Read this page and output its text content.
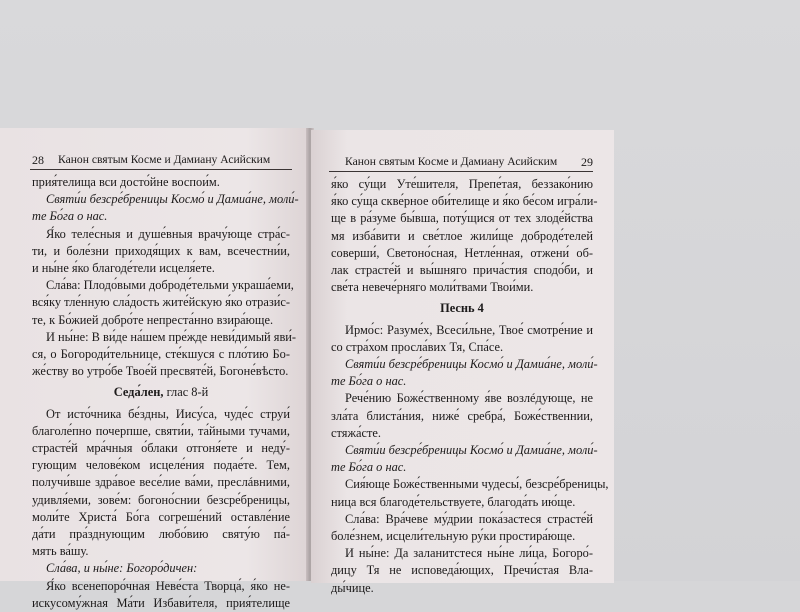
28 Канон святым Косме и Дамиану Асийским
прия́телища вси досто́йне воспои́м.
Святи́и безсре́бреницы Космо́ и Дамиа́не, моли́-
те Бо́га о нас.
Я́ко теле́сныя и душе́вныя врачу́юще стра́с-
ти, и боле́зни приходя́щих к вам, всечестни́и,
и ны́не я́ко благоде́тели исцеля́ете.
Сла́ва: Плодо́выми доброде́тельми украша́еми,
вся́ку тле́нную сла́дость жите́йскую я́ко отрази́с-
те, к Бо́жией добро́те непреста́нно взира́юще.
И ны́не: В ви́де на́шем пре́жде неви́димый яви́-
ся, о Богороди́тельнице, сте́кшуся с пло́тию Бо-
же́ству во утро́бе Твое́й пресвяте́й, Богоне́вѣсто.
Седа́лен, глас 8-й
От исто́чника бе́здны, Иису́са, чуде́с струи́
благоле́пно почерпше, святи́и, та́йными тучами,
страсте́й мра́чныя о́блаки отгоня́ете и неду́-
гующим челове́ком исцеле́ния подае́те. Тем,
получи́вше здра́вое весе́лие ва́ми, преслáвними,
удивля́еми, зове́м: богоно́снии безсре́бреницы,
моли́те Христа́ Бо́га согреше́ний оставле́ние
да́ти пра́зднующим любо́вию святу́ю па́-
мять ва́шу.
Сла́ва, и ны́не: Богоро́дичен:
Я́ко всенепоро́чная Неве́ста Творца́, я́ко не-
искусому́жная Ма́ти Избави́теля, прия́телище
Канон святым Косме и Дамиану Асийским 29
я́ко су́щи Уте́шителя, Препе́тая, беззако́нию
я́ко су́ща скве́рное оби́телище и я́ко бе́сом игра́ли-
ще в ра́зуме бы́вша, поту́щися от тех злоде́йства
мя изба́вити и све́тлое жили́ще доброде́телей
соверши́, Светоно́сная, Нетле́нная, отжени́ об-
лак страсте́й и вы́шняго прича́стия сподо́би, и
све́та невече́рняго моли́твами Твои́ми.
Песнь 4
Ирмо́с: Разуме́х, Всеси́льне, Твое́ смотре́ние и
со стра́хом просла́вих Тя, Спа́се.
Святи́и безсре́бреницы Космо́ и Дамиа́не, моли́-
те Бо́га о нас.
Рече́нию Боже́ственному я́ве возлéдующе, не
зла́та блиста́ния, ниже́ сребра́, Боже́ственнии,
стяжа́сте.
Святи́и безсре́бреницы Космо́ и Дамиа́не, моли́-
те Бо́га о нас.
Сия́юще Боже́ственными чудесы́, безсре́бреницы,
ница вся благоде́тельствуете, благода́ть ию́ще.
Сла́ва: Вра́чеве му́дрии пока́застеся страсте́й
боле́знем, исцели́тельную ру́ки простира́юще.
И ны́не: Да заланитстеся ны́не ли́ца, Богоро́-
дицу Тя не исповеда́ющих, Пречи́стая Вла-
ды́чице.
